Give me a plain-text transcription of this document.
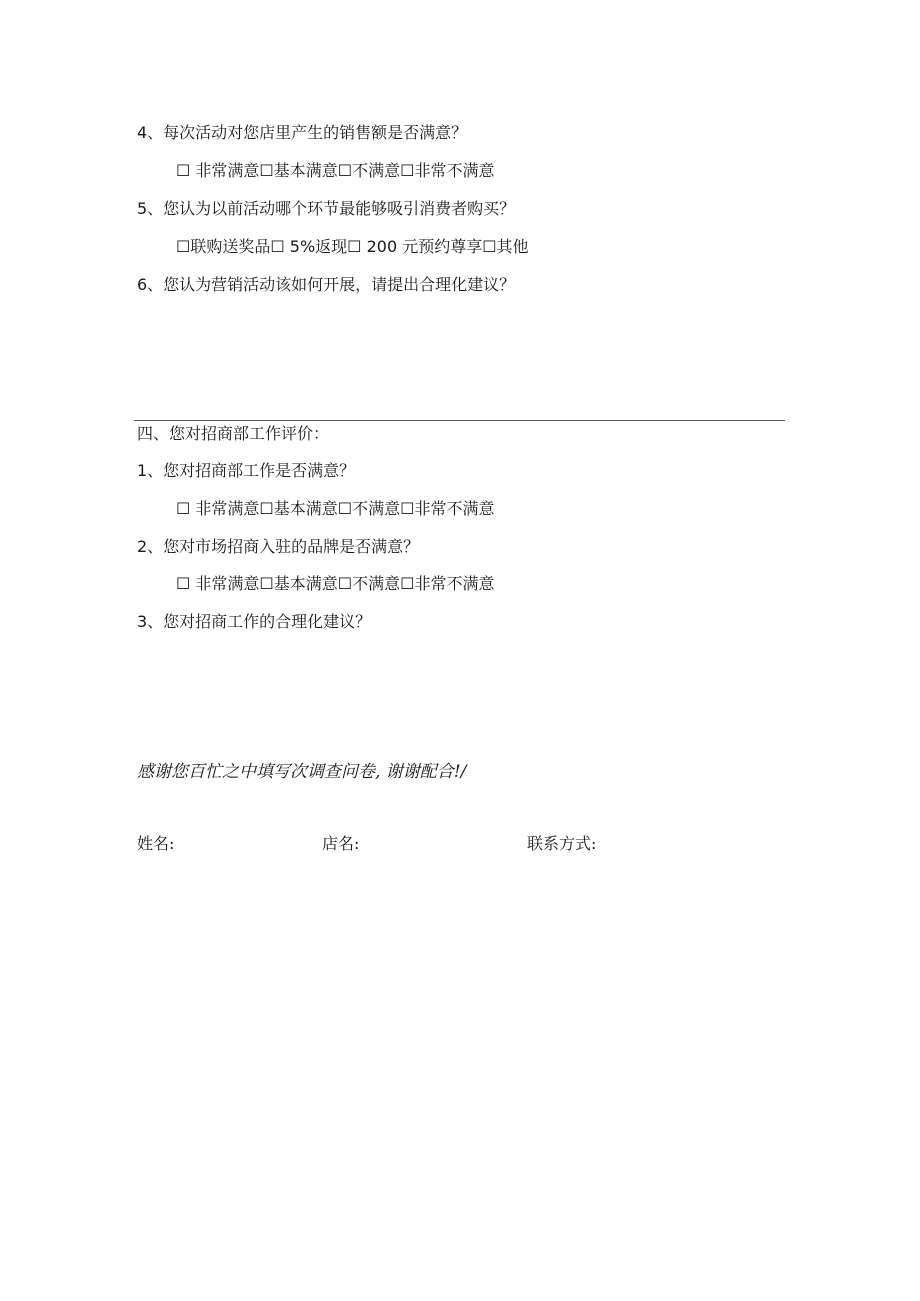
4、每次活动对您店里产生的销售额是否满意？
☐ 非常满意☐基本满意☐不满意☐非常不满意
5、您认为以前活动哪个环节最能够吸引消费者购买？
☐联购送奖品☐ 5%返现☐ 200 元预约尊享☐其他
6、您认为营销活动该如何开展，请提出合理化建议？
四、您对招商部工作评价：
1、您对招商部工作是否满意？
☐ 非常满意☐基本满意☐不满意☐非常不满意
2、您对市场招商入驻的品牌是否满意？
☐ 非常满意☐基本满意☐不满意☐非常不满意
3、您对招商工作的合理化建议？
感谢您百忙之中填写次调查问卷, 谢谢配合!/
姓名:	店名:	联系方式:
